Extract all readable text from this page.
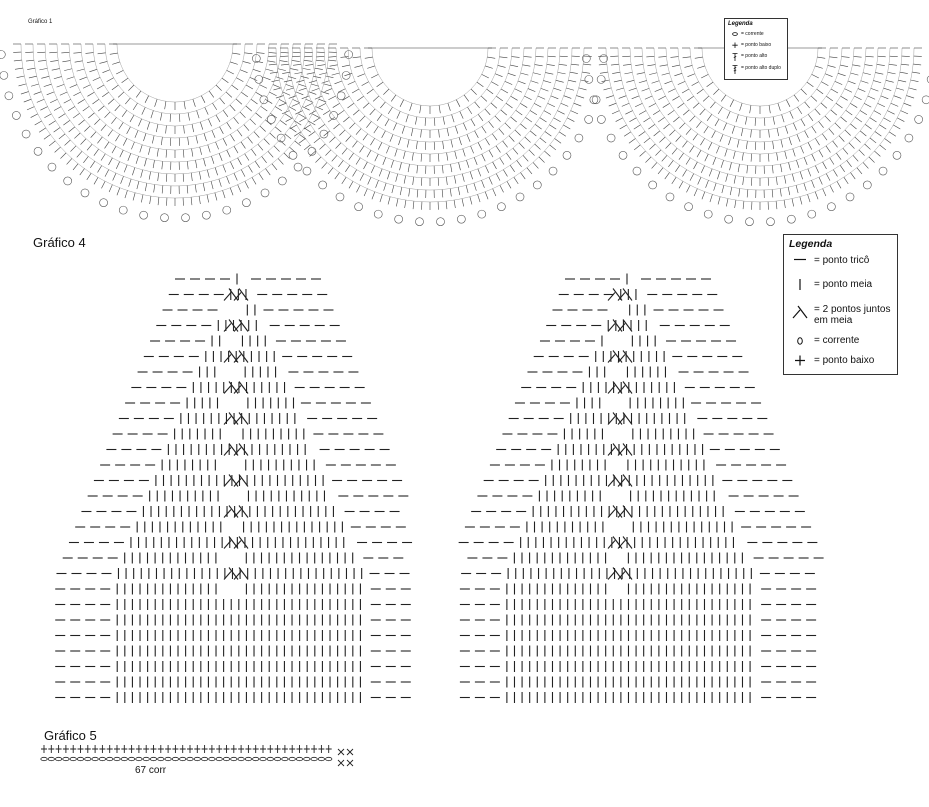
Gráfico 1	Legenda
= corrente
= ponto baixo
= ponto alto
= ponto alto duplo
Gráfico 4	Legenda
= ponto tricô
= ponto meia
= 2 pontos juntos em meia
= corrente
= ponto baixo
Gráfico 5
67 corr
